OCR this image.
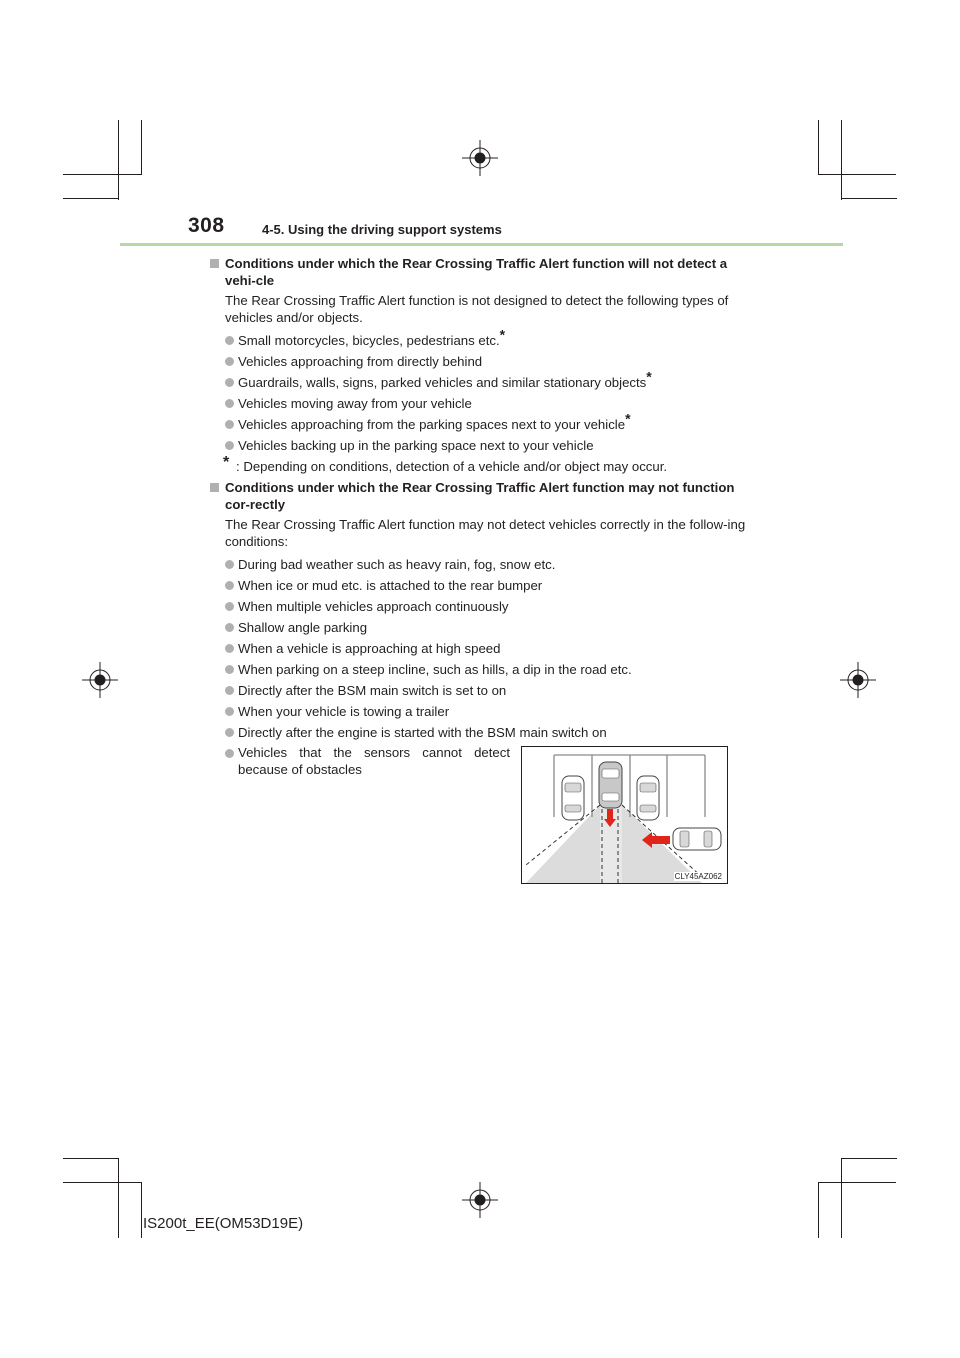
308	4-5. Using the driving support systems
Conditions under which the Rear Crossing Traffic Alert function will not detect a vehi-cle
The Rear Crossing Traffic Alert function is not designed to detect the following types of vehicles and/or objects.
Small motorcycles, bicycles, pedestrians etc.*
Vehicles approaching from directly behind
Guardrails, walls, signs, parked vehicles and similar stationary objects*
Vehicles moving away from your vehicle
Vehicles approaching from the parking spaces next to your vehicle*
Vehicles backing up in the parking space next to your vehicle
* : Depending on conditions, detection of a vehicle and/or object may occur.
Conditions under which the Rear Crossing Traffic Alert function may not function cor-rectly
The Rear Crossing Traffic Alert function may not detect vehicles correctly in the follow-ing conditions:
During bad weather such as heavy rain, fog, snow etc.
When ice or mud etc. is attached to the rear bumper
When multiple vehicles approach continuously
Shallow angle parking
When a vehicle is approaching at high speed
When parking on a steep incline, such as hills, a dip in the road etc.
Directly after the BSM main switch is set to on
When your vehicle is towing a trailer
Directly after the engine is started with the BSM main switch on
Vehicles that the sensors cannot detect because of obstacles
CLY45AZ062
IS200t_EE(OM53D19E)
